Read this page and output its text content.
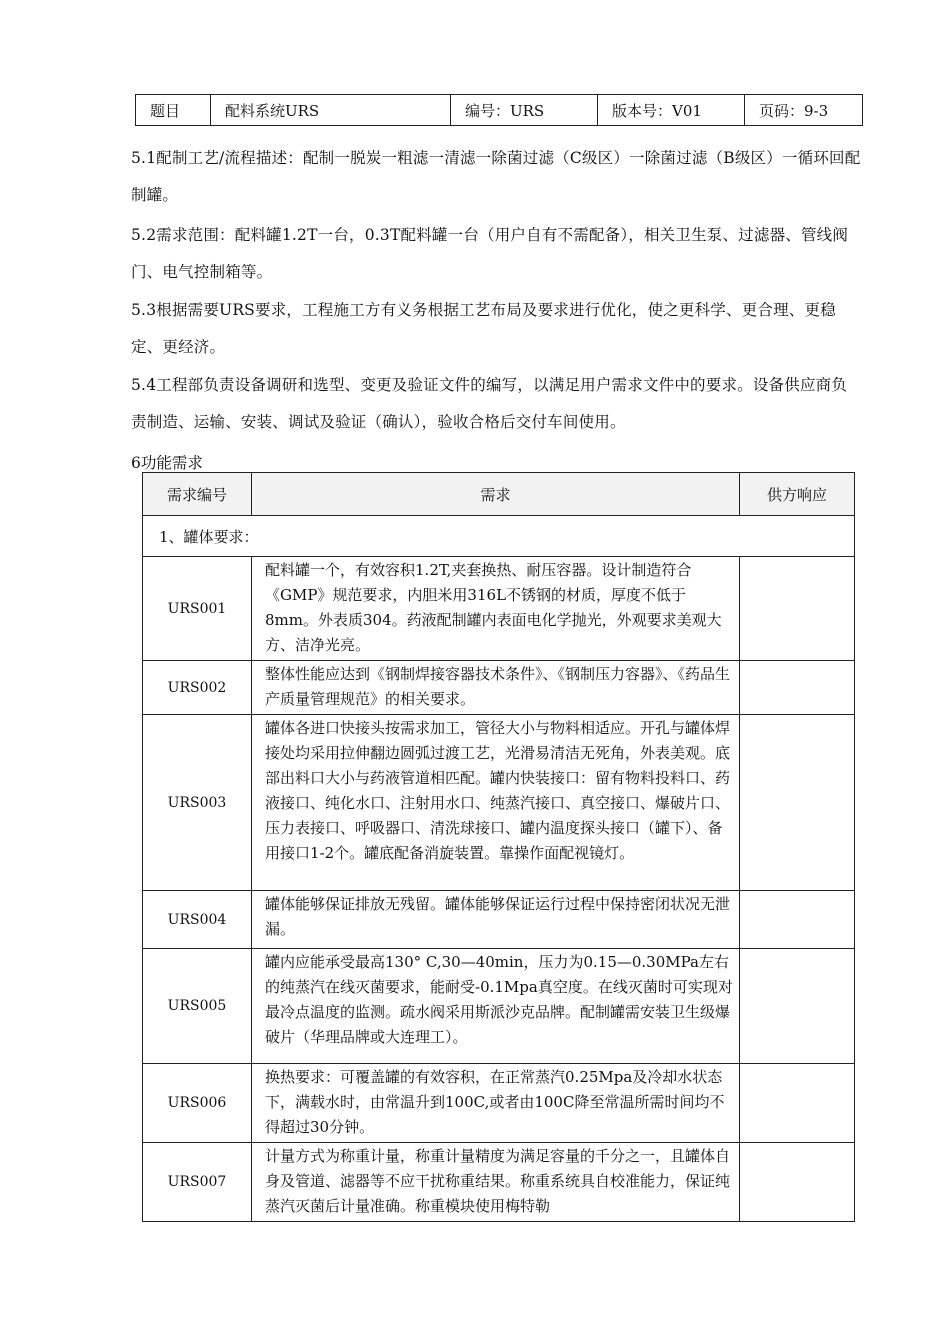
题目	配料系统URS	编号：URS	版本号：V01	页码：9-3
5.1配制工艺/流程描述：配制一脱炭一粗滤一清滤一除菌过滤（C级区）一除菌过滤（B级区）一循环回配制罐。
5.2需求范围：配料罐1.2T一台，0.3T配料罐一台（用户自有不需配备），相关卫生泵、过滤器、管线阀门、电气控制箱等。
5.3根据需要URS要求，工程施工方有义务根据工艺布局及要求进行优化，使之更科学、更合理、更稳定、更经济。
5.4工程部负责设备调研和选型、变更及验证文件的编写，以满足用户需求文件中的要求。设备供应商负责制造、运输、安装、调试及验证（确认），验收合格后交付车间使用。
6功能需求
需求编号	需求	供方响应
1、罐体要求：		
URS001	配料罐一个，有效容积1.2T,夹套换热、耐压容器。设计制造符合《GMP》规范要求，内胆米用316L不锈钢的材质，厚度不低于8mm。外表质304。药液配制罐内表面电化学抛光，外观要求美观大方、洁净光亮。	
URS002	整体性能应达到《钢制焊接容器技术条件》、《钢制压力容器》、《药品生产质量管理规范》的相关要求。	
URS003	罐体各进口快接头按需求加工，管径大小与物料相适应。开孔与罐体焊接处均采用拉伸翻边圆弧过渡工艺，光滑易清洁无死角，外表美观。底部出料口大小与药液管道相匹配。罐内快装接口：留有物料投料口、药液接口、纯化水口、注射用水口、纯蒸汽接口、真空接口、爆破片口、压力表接口、呼吸器口、清洗球接口、罐内温度探头接口（罐下）、备用接口1-2个。罐底配备消旋装置。靠操作面配视镜灯。	
URS004	罐体能够保证排放无残留。罐体能够保证运行过程中保持密闭状况无泄漏。	
URS005	罐内应能承受最高130° C,30—40min，压力为0.15—0.30MPa左右的纯蒸汽在线灭菌要求，能耐受-0.1Mpa真空度。在线灭菌时可实现对最冷点温度的监测。疏水阀采用斯派沙克品牌。配制罐需安装卫生级爆破片（华理品牌或大连理工）。	
URS006	换热要求：可覆盖罐的有效容积，在正常蒸汽0.25Mpa及冷却水状态下，满载水时，由常温升到100C,或者由100C降至常温所需时间均不得超过30分钟。	
URS007	计量方式为称重计量，称重计量精度为满足容量的千分之一，且罐体自身及管道、滤器等不应干扰称重结果。称重系统具自校准能力，保证纯蒸汽灭菌后计量准确。称重模块使用梅特勒	
